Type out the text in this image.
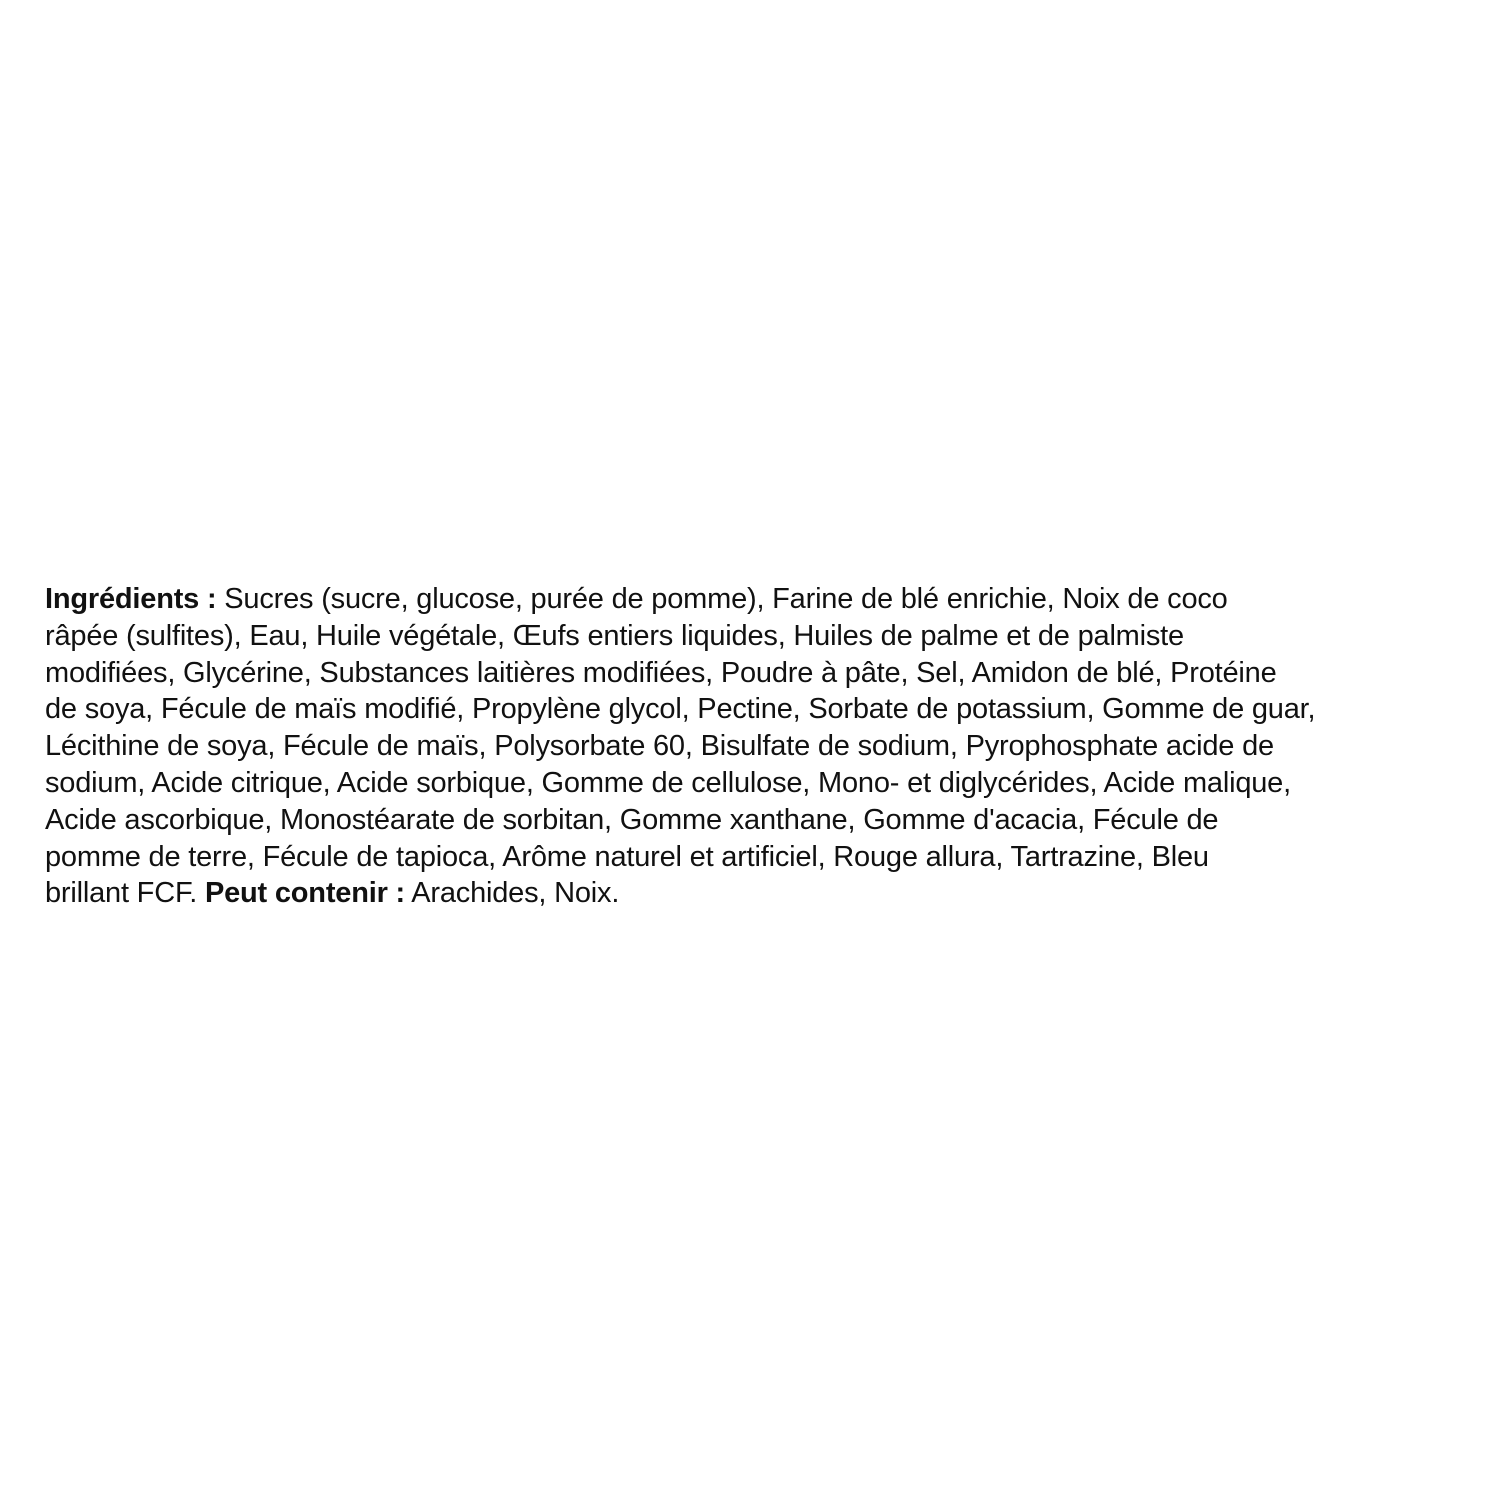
Ingrédients : Sucres (sucre, glucose, purée de pomme), Farine de blé enrichie, Noix de coco
râpée (sulfites), Eau, Huile végétale, Œufs entiers liquides, Huiles de palme et de palmiste
modifiées, Glycérine, Substances laitières modifiées, Poudre à pâte, Sel, Amidon de blé, Protéine
de soya, Fécule de maïs modifié, Propylène glycol, Pectine, Sorbate de potassium, Gomme de guar,
Lécithine de soya, Fécule de maïs, Polysorbate 60, Bisulfate de sodium, Pyrophosphate acide de
sodium, Acide citrique, Acide sorbique, Gomme de cellulose, Mono- et diglycérides, Acide malique,
Acide ascorbique, Monostéarate de sorbitan, Gomme xanthane, Gomme d'acacia, Fécule de
pomme de terre, Fécule de tapioca, Arôme naturel et artificiel, Rouge allura, Tartrazine, Bleu
brillant FCF. Peut contenir : Arachides, Noix.
